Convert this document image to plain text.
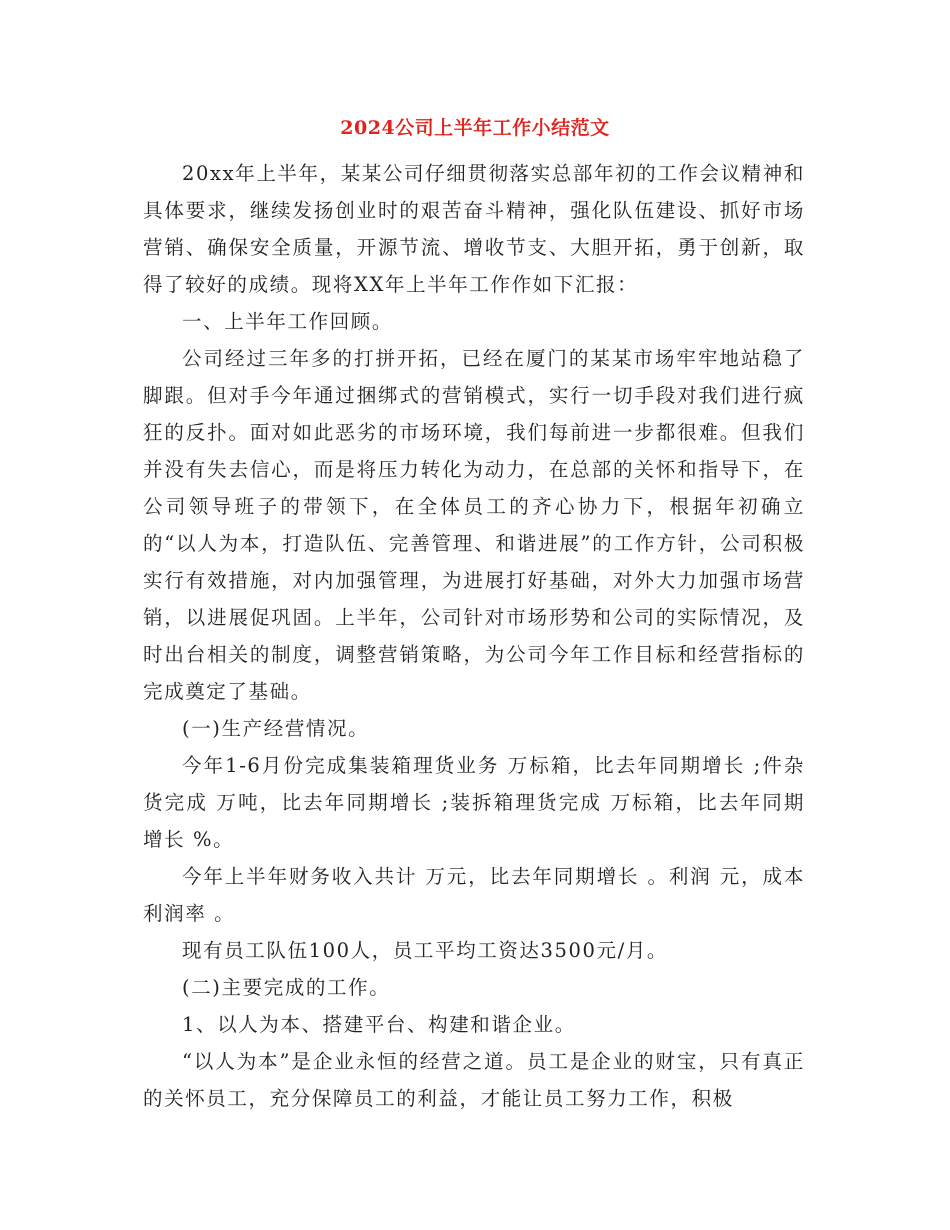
2024公司上半年工作小结范文

20xx年上半年，某某公司仔细贯彻落实总部年初的工作会议精神和具体要求，继续发扬创业时的艰苦奋斗精神，强化队伍建设、抓好市场营销、确保安全质量，开源节流、增收节支、大胆开拓，勇于创新，取得了较好的成绩。现将XX年上半年工作作如下汇报：

一、上半年工作回顾。

公司经过三年多的打拼开拓，已经在厦门的某某市场牢牢地站稳了脚跟。但对手今年通过捆绑式的营销模式，实行一切手段对我们进行疯狂的反扑。面对如此恶劣的市场环境，我们每前进一步都很难。但我们并没有失去信心，而是将压力转化为动力，在总部的关怀和指导下，在公司领导班子的带领下，在全体员工的齐心协力下，根据年初确立的“以人为本，打造队伍、完善管理、和谐进展”的工作方针，公司积极实行有效措施，对内加强管理，为进展打好基础，对外大力加强市场营销，以进展促巩固。上半年，公司针对市场形势和公司的实际情况，及时出台相关的制度，调整营销策略，为公司今年工作目标和经营指标的完成奠定了基础。

(一)生产经营情况。

今年1-6月份完成集装箱理货业务 万标箱，比去年同期增长 ;件杂货完成 万吨，比去年同期增长 ;装拆箱理货完成 万标箱，比去年同期增长 %。

今年上半年财务收入共计 万元，比去年同期增长 。利润 元，成本利润率 。

现有员工队伍100人，员工平均工资达3500元/月。

(二)主要完成的工作。

1、以人为本、搭建平台、构建和谐企业。

“以人为本”是企业永恒的经营之道。员工是企业的财宝，只有真正的关怀员工，充分保障员工的利益，才能让员工努力工作，积极
